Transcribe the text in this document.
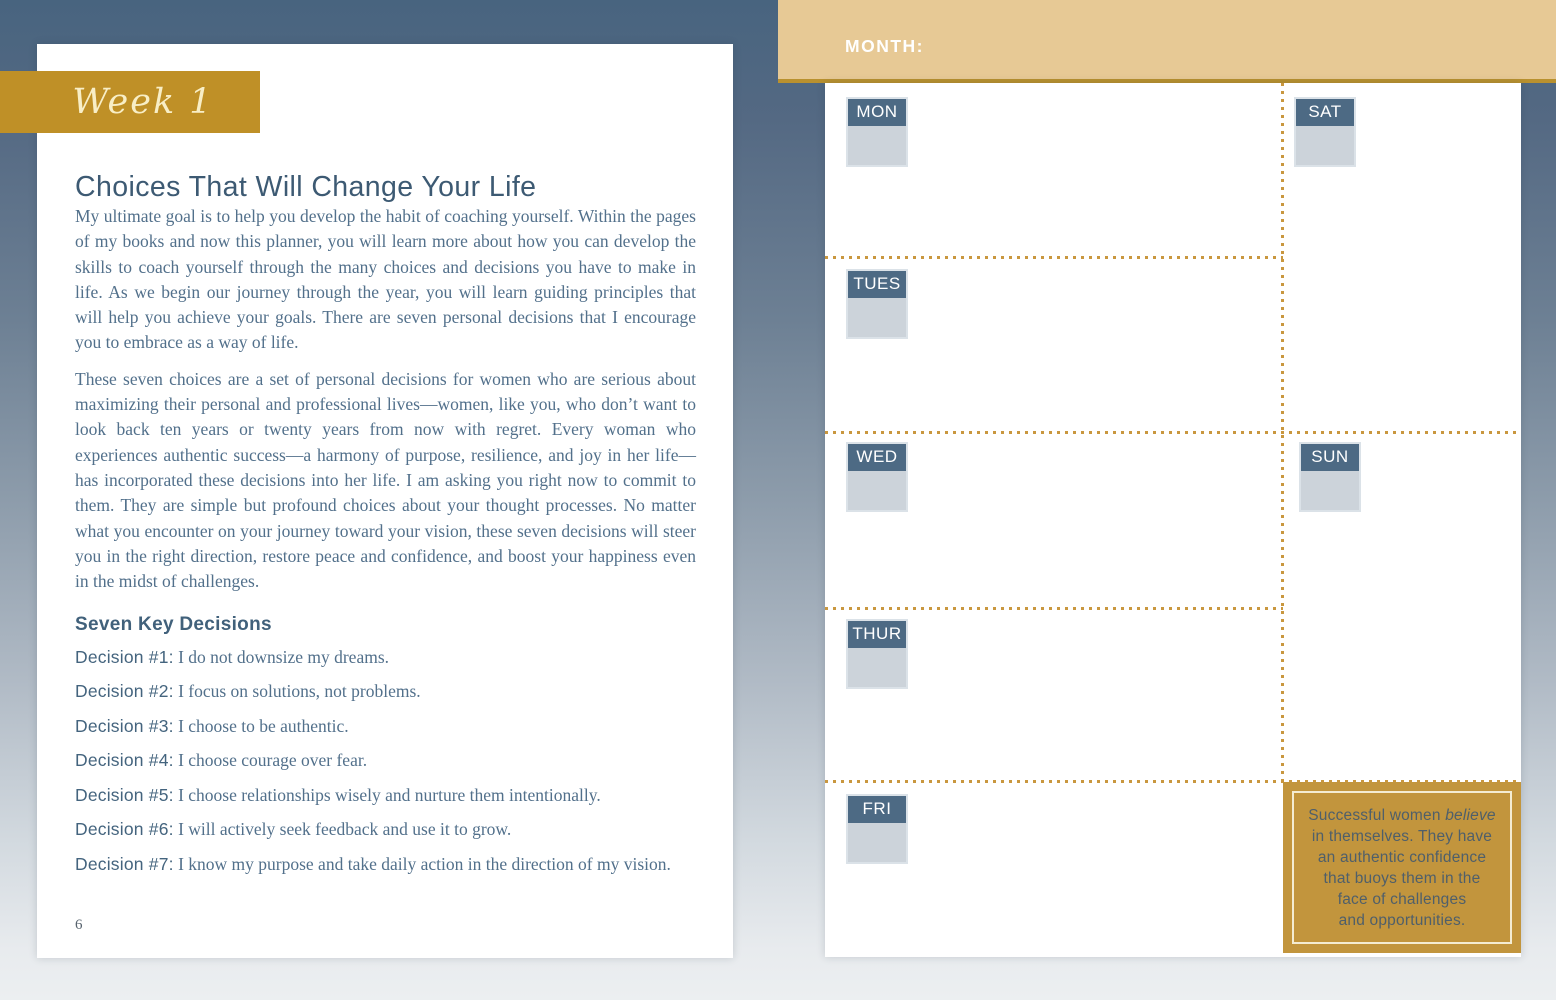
Week 1
Choices That Will Change Your Life

My ultimate goal is to help you develop the habit of coaching yourself. Within the pages of my books and now this planner, you will learn more about how you can develop the skills to coach yourself through the many choices and decisions you have to make in life. As we begin our journey through the year, you will learn guiding principles that will help you achieve your goals. There are seven personal decisions that I encourage you to embrace as a way of life.

These seven choices are a set of personal decisions for women who are serious about maximizing their personal and professional lives—women, like you, who don’t want to look back ten years or twenty years from now with regret. Every woman who experiences authentic success—a harmony of purpose, resilience, and joy in her life—has incorporated these decisions into her life. I am asking you right now to commit to them. They are simple but profound choices about your thought processes. No matter what you encounter on your journey toward your vision, these seven decisions will steer you in the right direction, restore peace and confidence, and boost your happiness even in the midst of challenges.

Seven Key Decisions
Decision #1: I do not downsize my dreams.
Decision #2: I focus on solutions, not problems.
Decision #3: I choose to be authentic.
Decision #4: I choose courage over fear.
Decision #5: I choose relationships wisely and nurture them intentionally.
Decision #6: I will actively seek feedback and use it to grow.
Decision #7: I know my purpose and take daily action in the direction of my vision.
6
MONTH:
MON
TUES
WED
THUR
FRI
SAT
SUN
Successful women believe
in themselves. They have
an authentic confidence
that buoys them in the
face of challenges
and opportunities.
